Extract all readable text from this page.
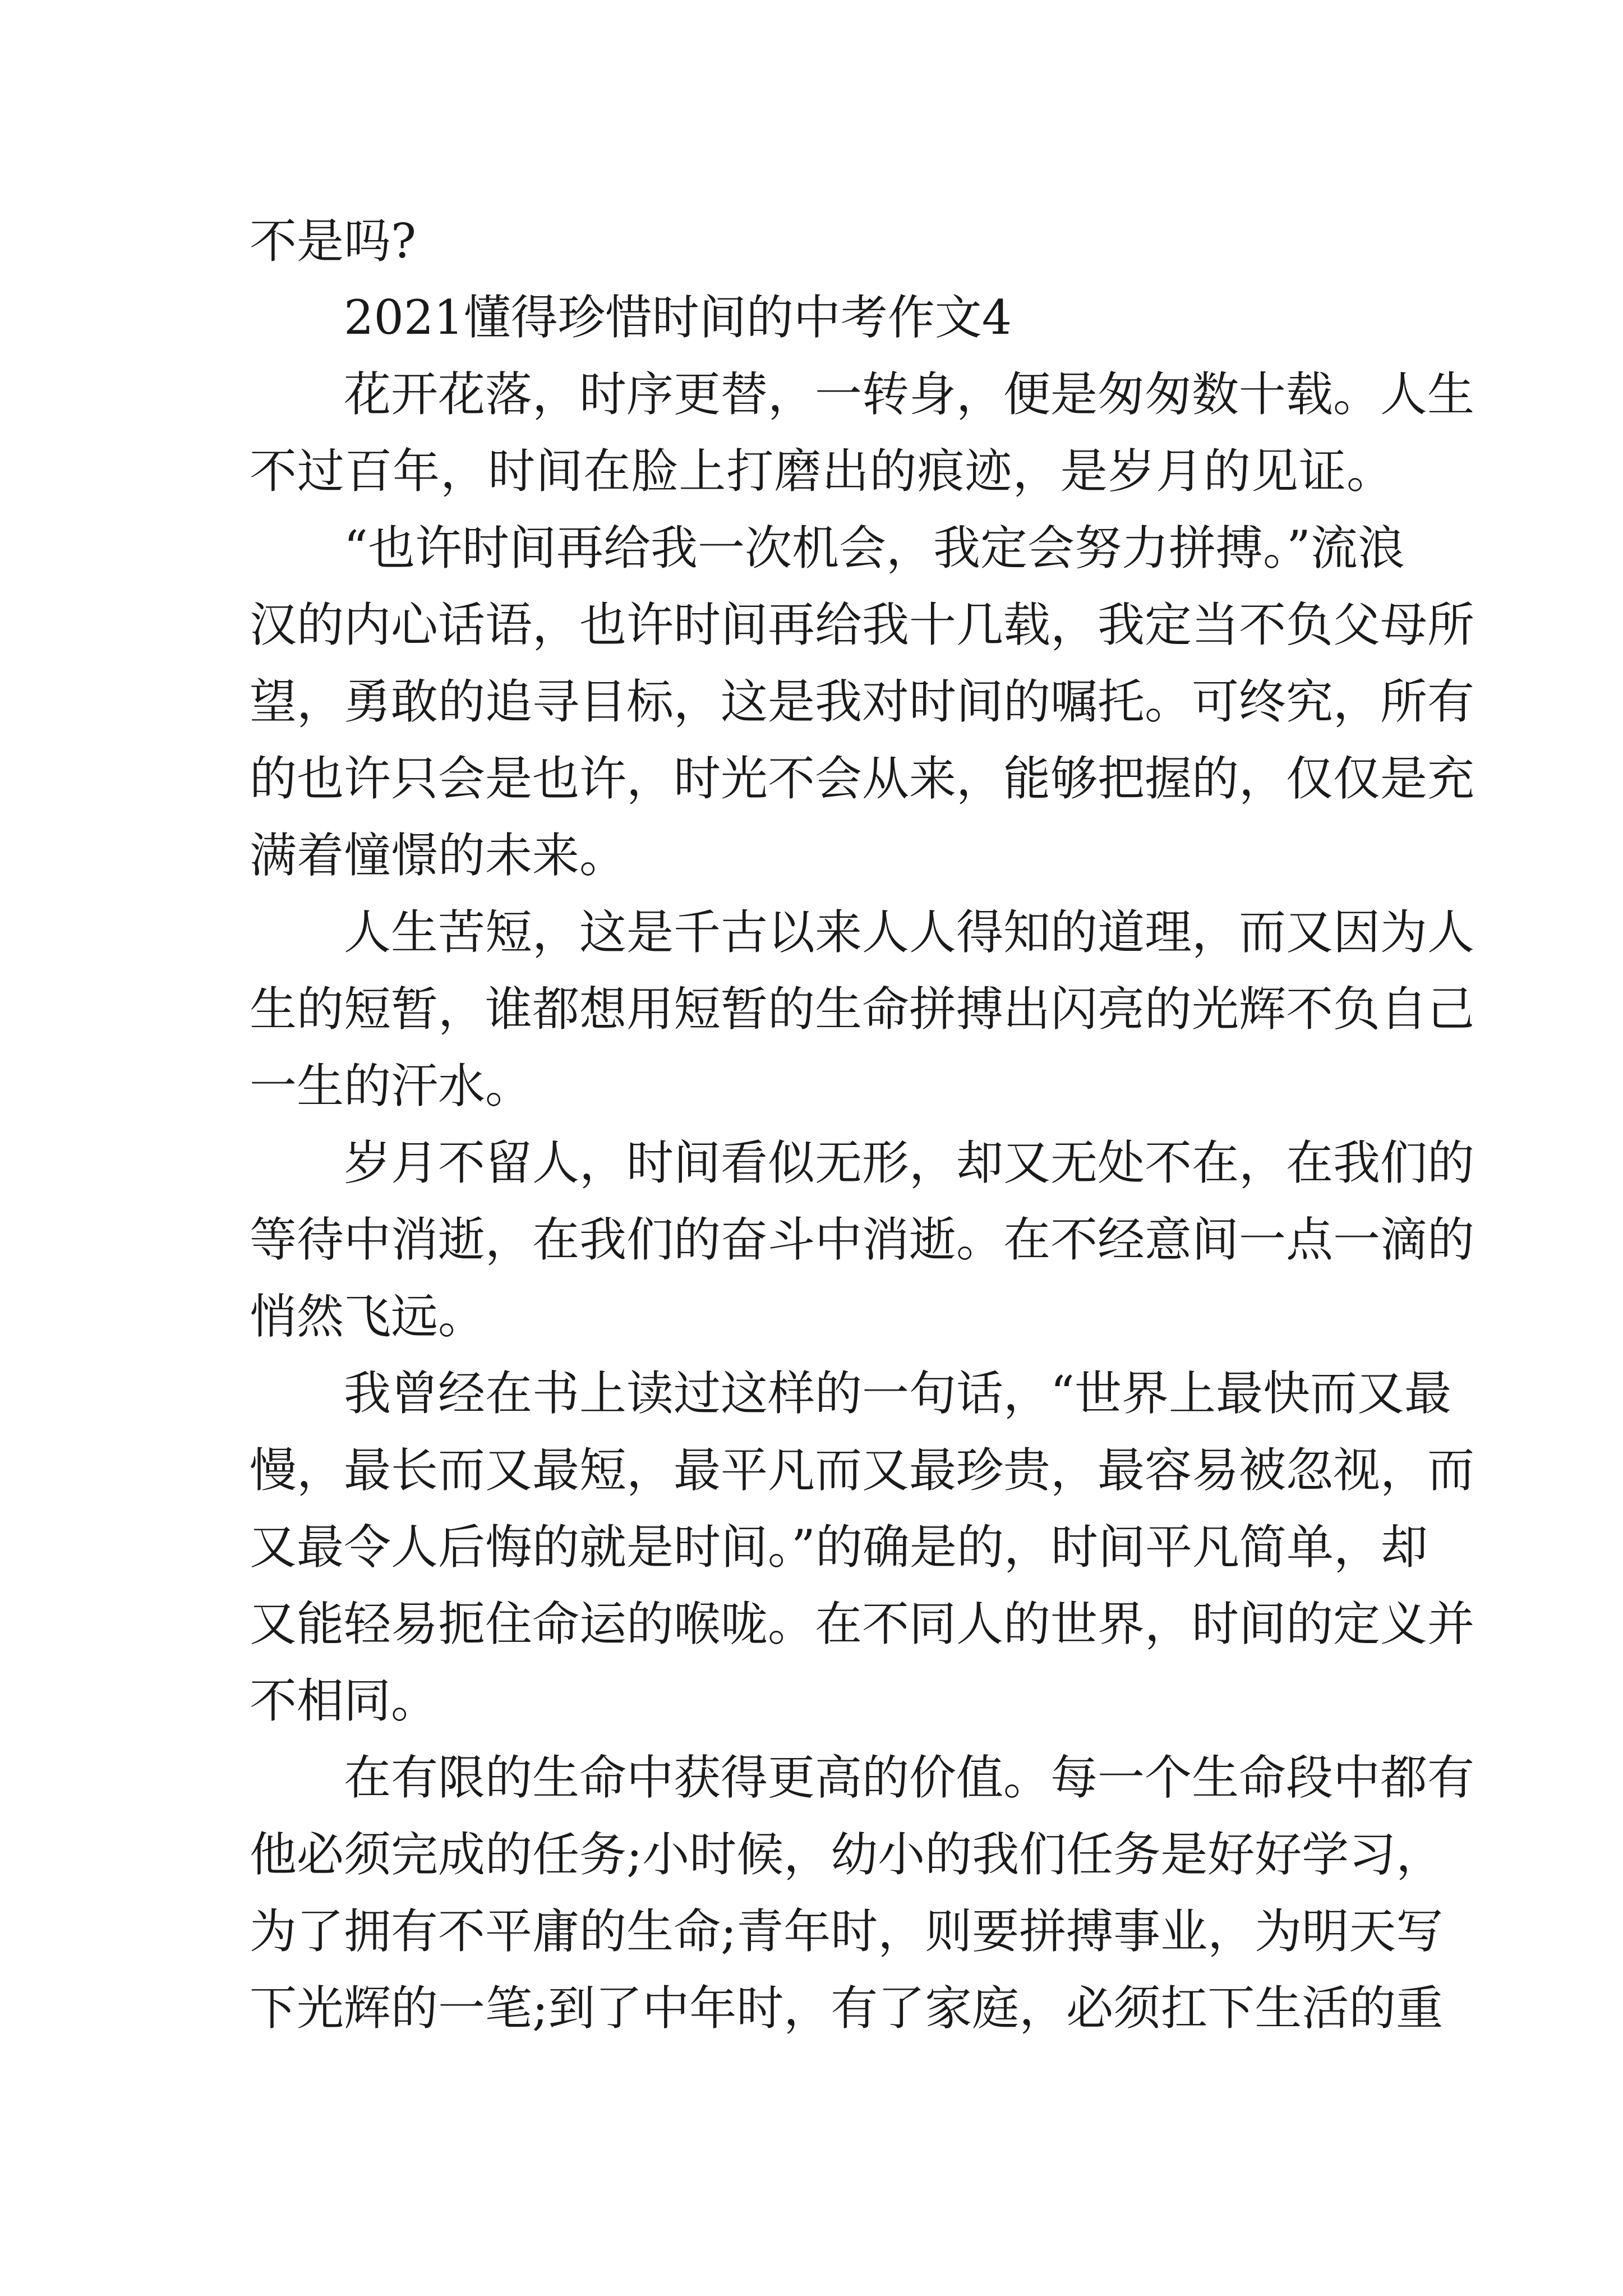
不是吗?
2021懂得珍惜时间的中考作文4
花开花落，时序更替，一转身，便是匆匆数十载。人生
不过百年，时间在脸上打磨出的痕迹，是岁月的见证。
“也许时间再给我一次机会，我定会努力拼搏。”流浪
汉的内心话语，也许时间再给我十几载，我定当不负父母所
望，勇敢的追寻目标，这是我对时间的嘱托。可终究，所有
的也许只会是也许，时光不会从来，能够把握的，仅仅是充
满着憧憬的未来。
人生苦短，这是千古以来人人得知的道理，而又因为人
生的短暂，谁都想用短暂的生命拼搏出闪亮的光辉不负自己
一生的汗水。
岁月不留人，时间看似无形，却又无处不在，在我们的
等待中消逝，在我们的奋斗中消逝。在不经意间一点一滴的
悄然飞远。
我曾经在书上读过这样的一句话，“世界上最快而又最
慢，最长而又最短，最平凡而又最珍贵，最容易被忽视，而
又最令人后悔的就是时间。”的确是的，时间平凡简单，却
又能轻易扼住命运的喉咙。在不同人的世界，时间的定义并
不相同。
在有限的生命中获得更高的价值。每一个生命段中都有
他必须完成的任务;小时候，幼小的我们任务是好好学习，
为了拥有不平庸的生命;青年时，则要拼搏事业，为明天写
下光辉的一笔;到了中年时，有了家庭，必须扛下生活的重
